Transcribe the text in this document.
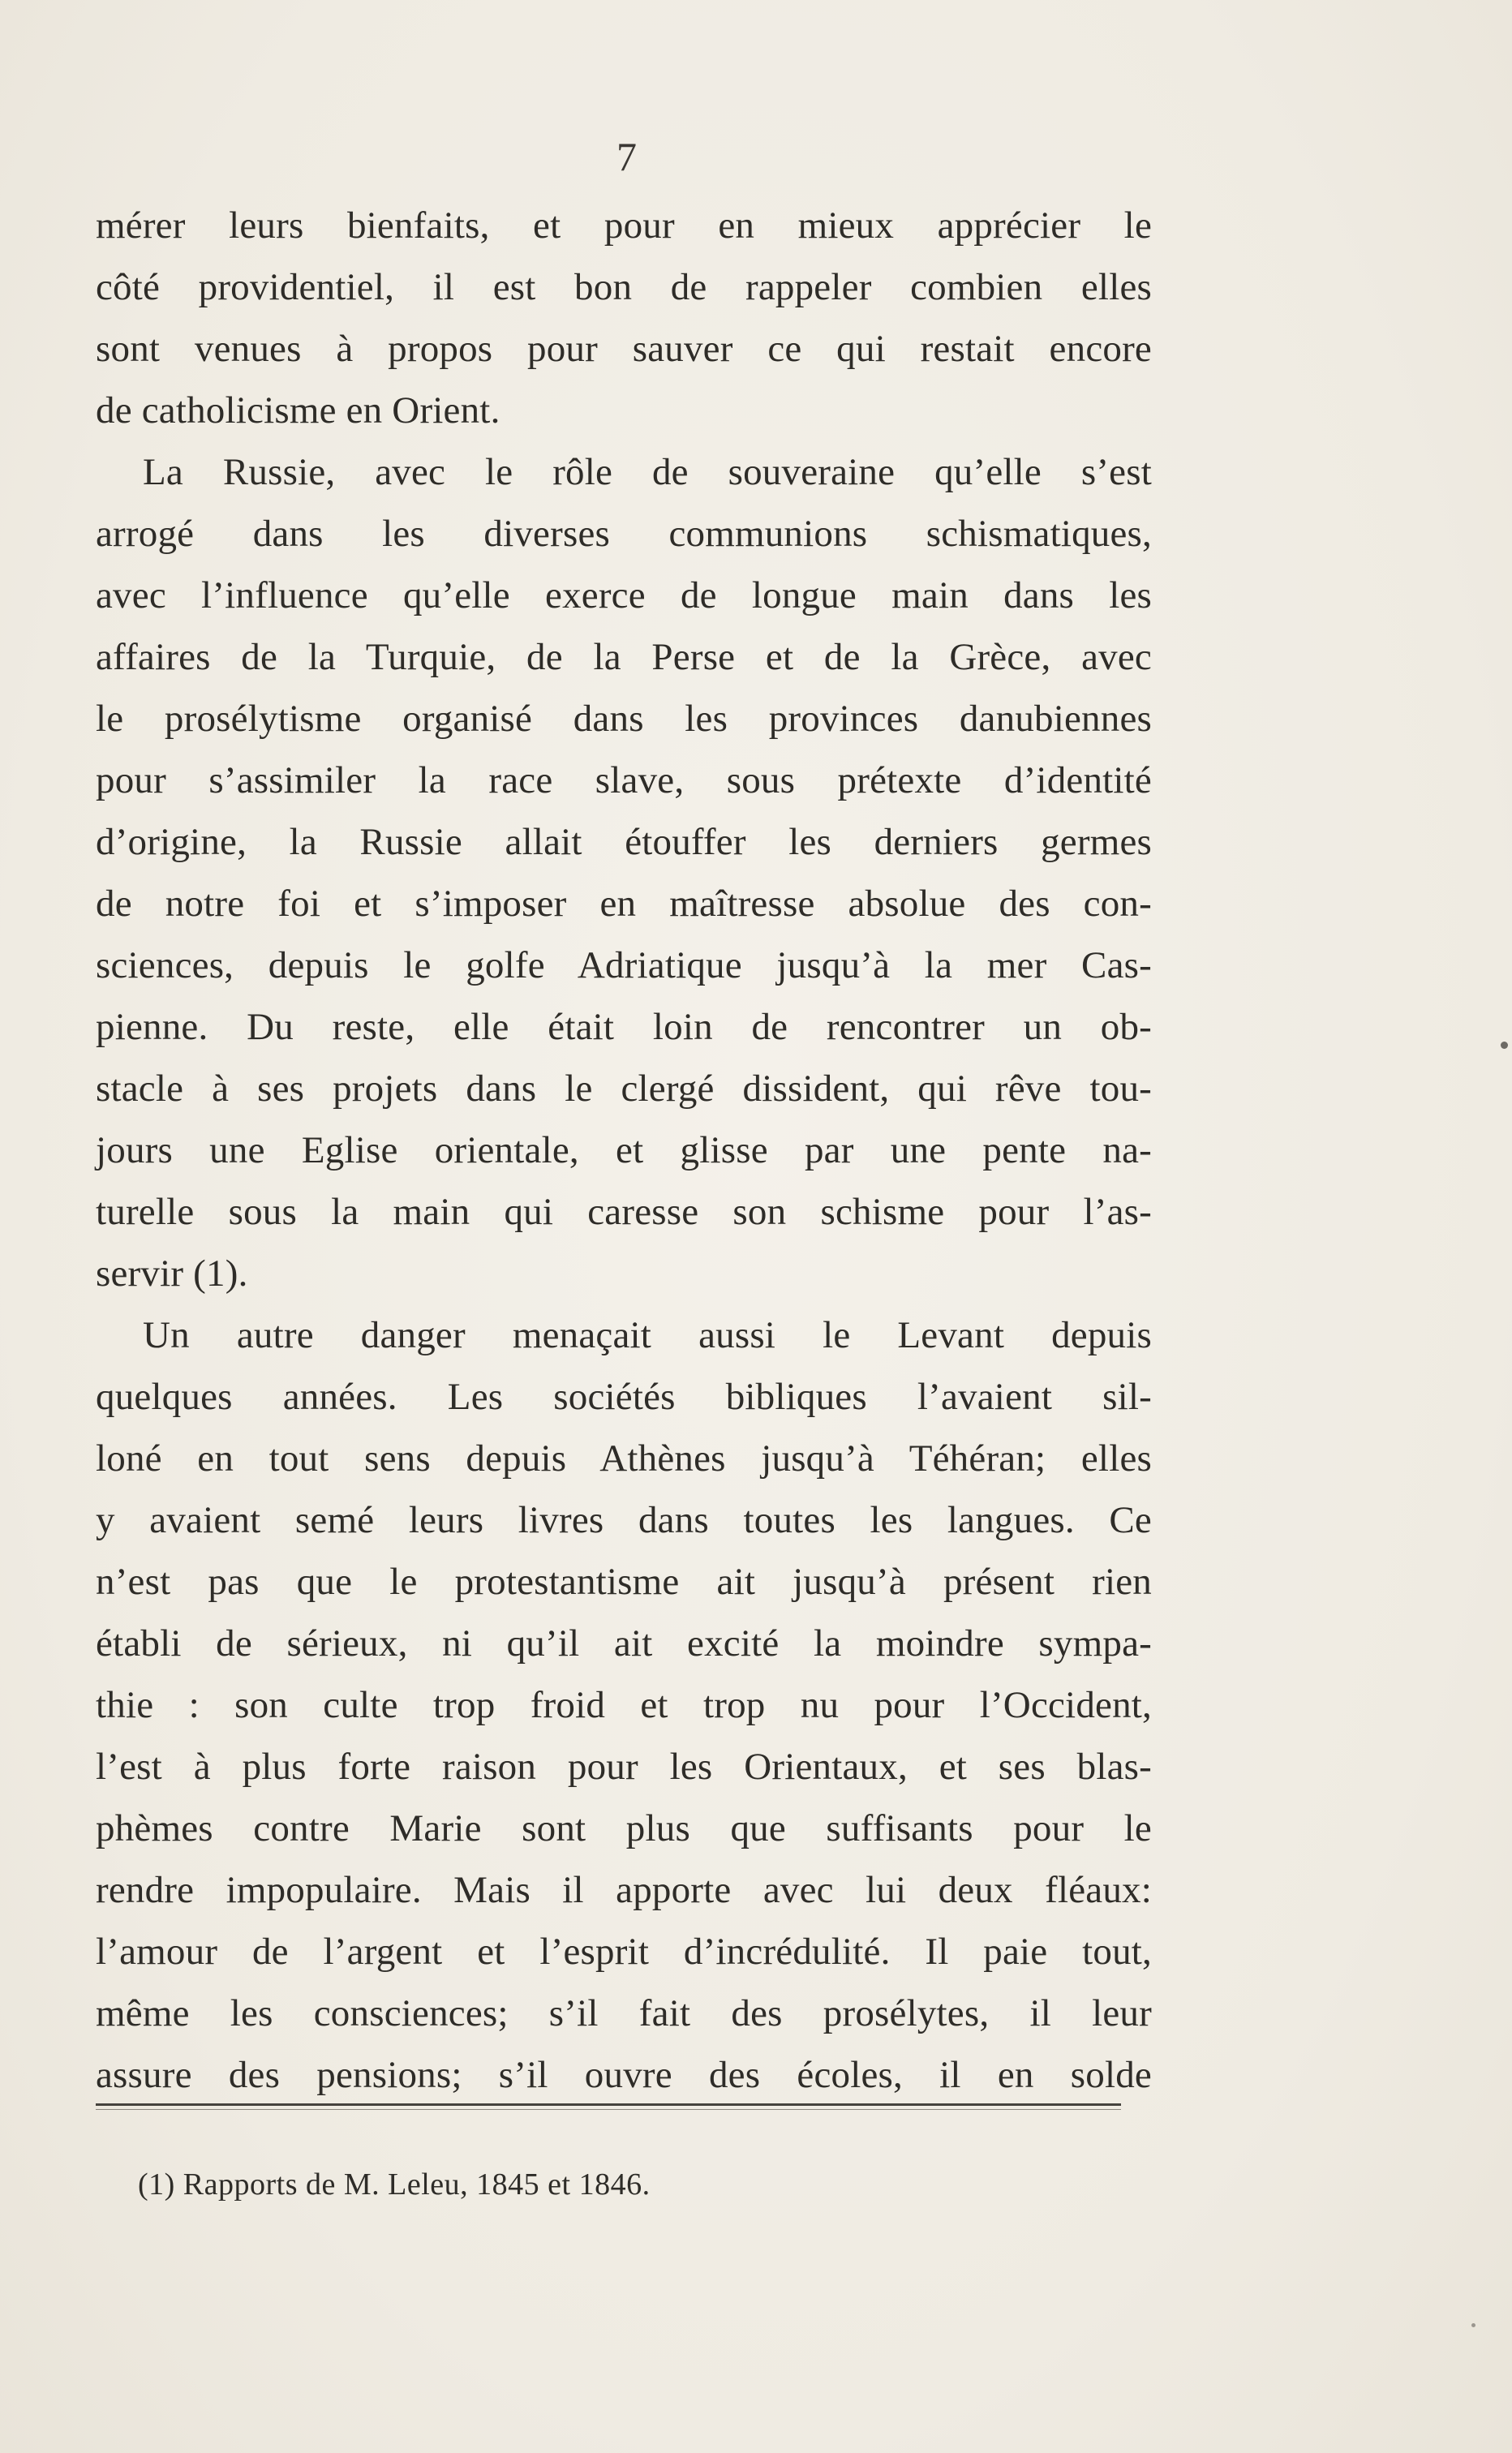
7
mérer leurs bienfaits, et pour en mieux apprécier le
côté providentiel, il est bon de rappeler combien elles
sont venues à propos pour sauver ce qui restait encore
de catholicisme en Orient.
La Russie, avec le rôle de souveraine qu’elle s’est
arrogé dans les diverses communions schismatiques,
avec l’influence qu’elle exerce de longue main dans les
affaires de la Turquie, de la Perse et de la Grèce, avec
le prosélytisme organisé dans les provinces danubiennes
pour s’assimiler la race slave, sous prétexte d’identité
d’origine, la Russie allait étouffer les derniers germes
de notre foi et s’imposer en maîtresse absolue des con-
sciences, depuis le golfe Adriatique jusqu’à la mer Cas-
pienne. Du reste, elle était loin de rencontrer un ob-
stacle à ses projets dans le clergé dissident, qui rêve tou-
jours une Eglise orientale, et glisse par une pente na-
turelle sous la main qui caresse son schisme pour l’as-
servir (1).
Un autre danger menaçait aussi le Levant depuis
quelques années. Les sociétés bibliques l’avaient sil-
loné en tout sens depuis Athènes jusqu’à Téhéran; elles
y avaient semé leurs livres dans toutes les langues. Ce
n’est pas que le protestantisme ait jusqu’à présent rien
établi de sérieux, ni qu’il ait excité la moindre sympa-
thie : son culte trop froid et trop nu pour l’Occident,
l’est à plus forte raison pour les Orientaux, et ses blas-
phèmes contre Marie sont plus que suffisants pour le
rendre impopulaire. Mais il apporte avec lui deux fléaux:
l’amour de l’argent et l’esprit d’incrédulité. Il paie tout,
même les consciences; s’il fait des prosélytes, il leur
assure des pensions; s’il ouvre des écoles, il en solde
(1) Rapports de M. Leleu, 1845 et 1846.
